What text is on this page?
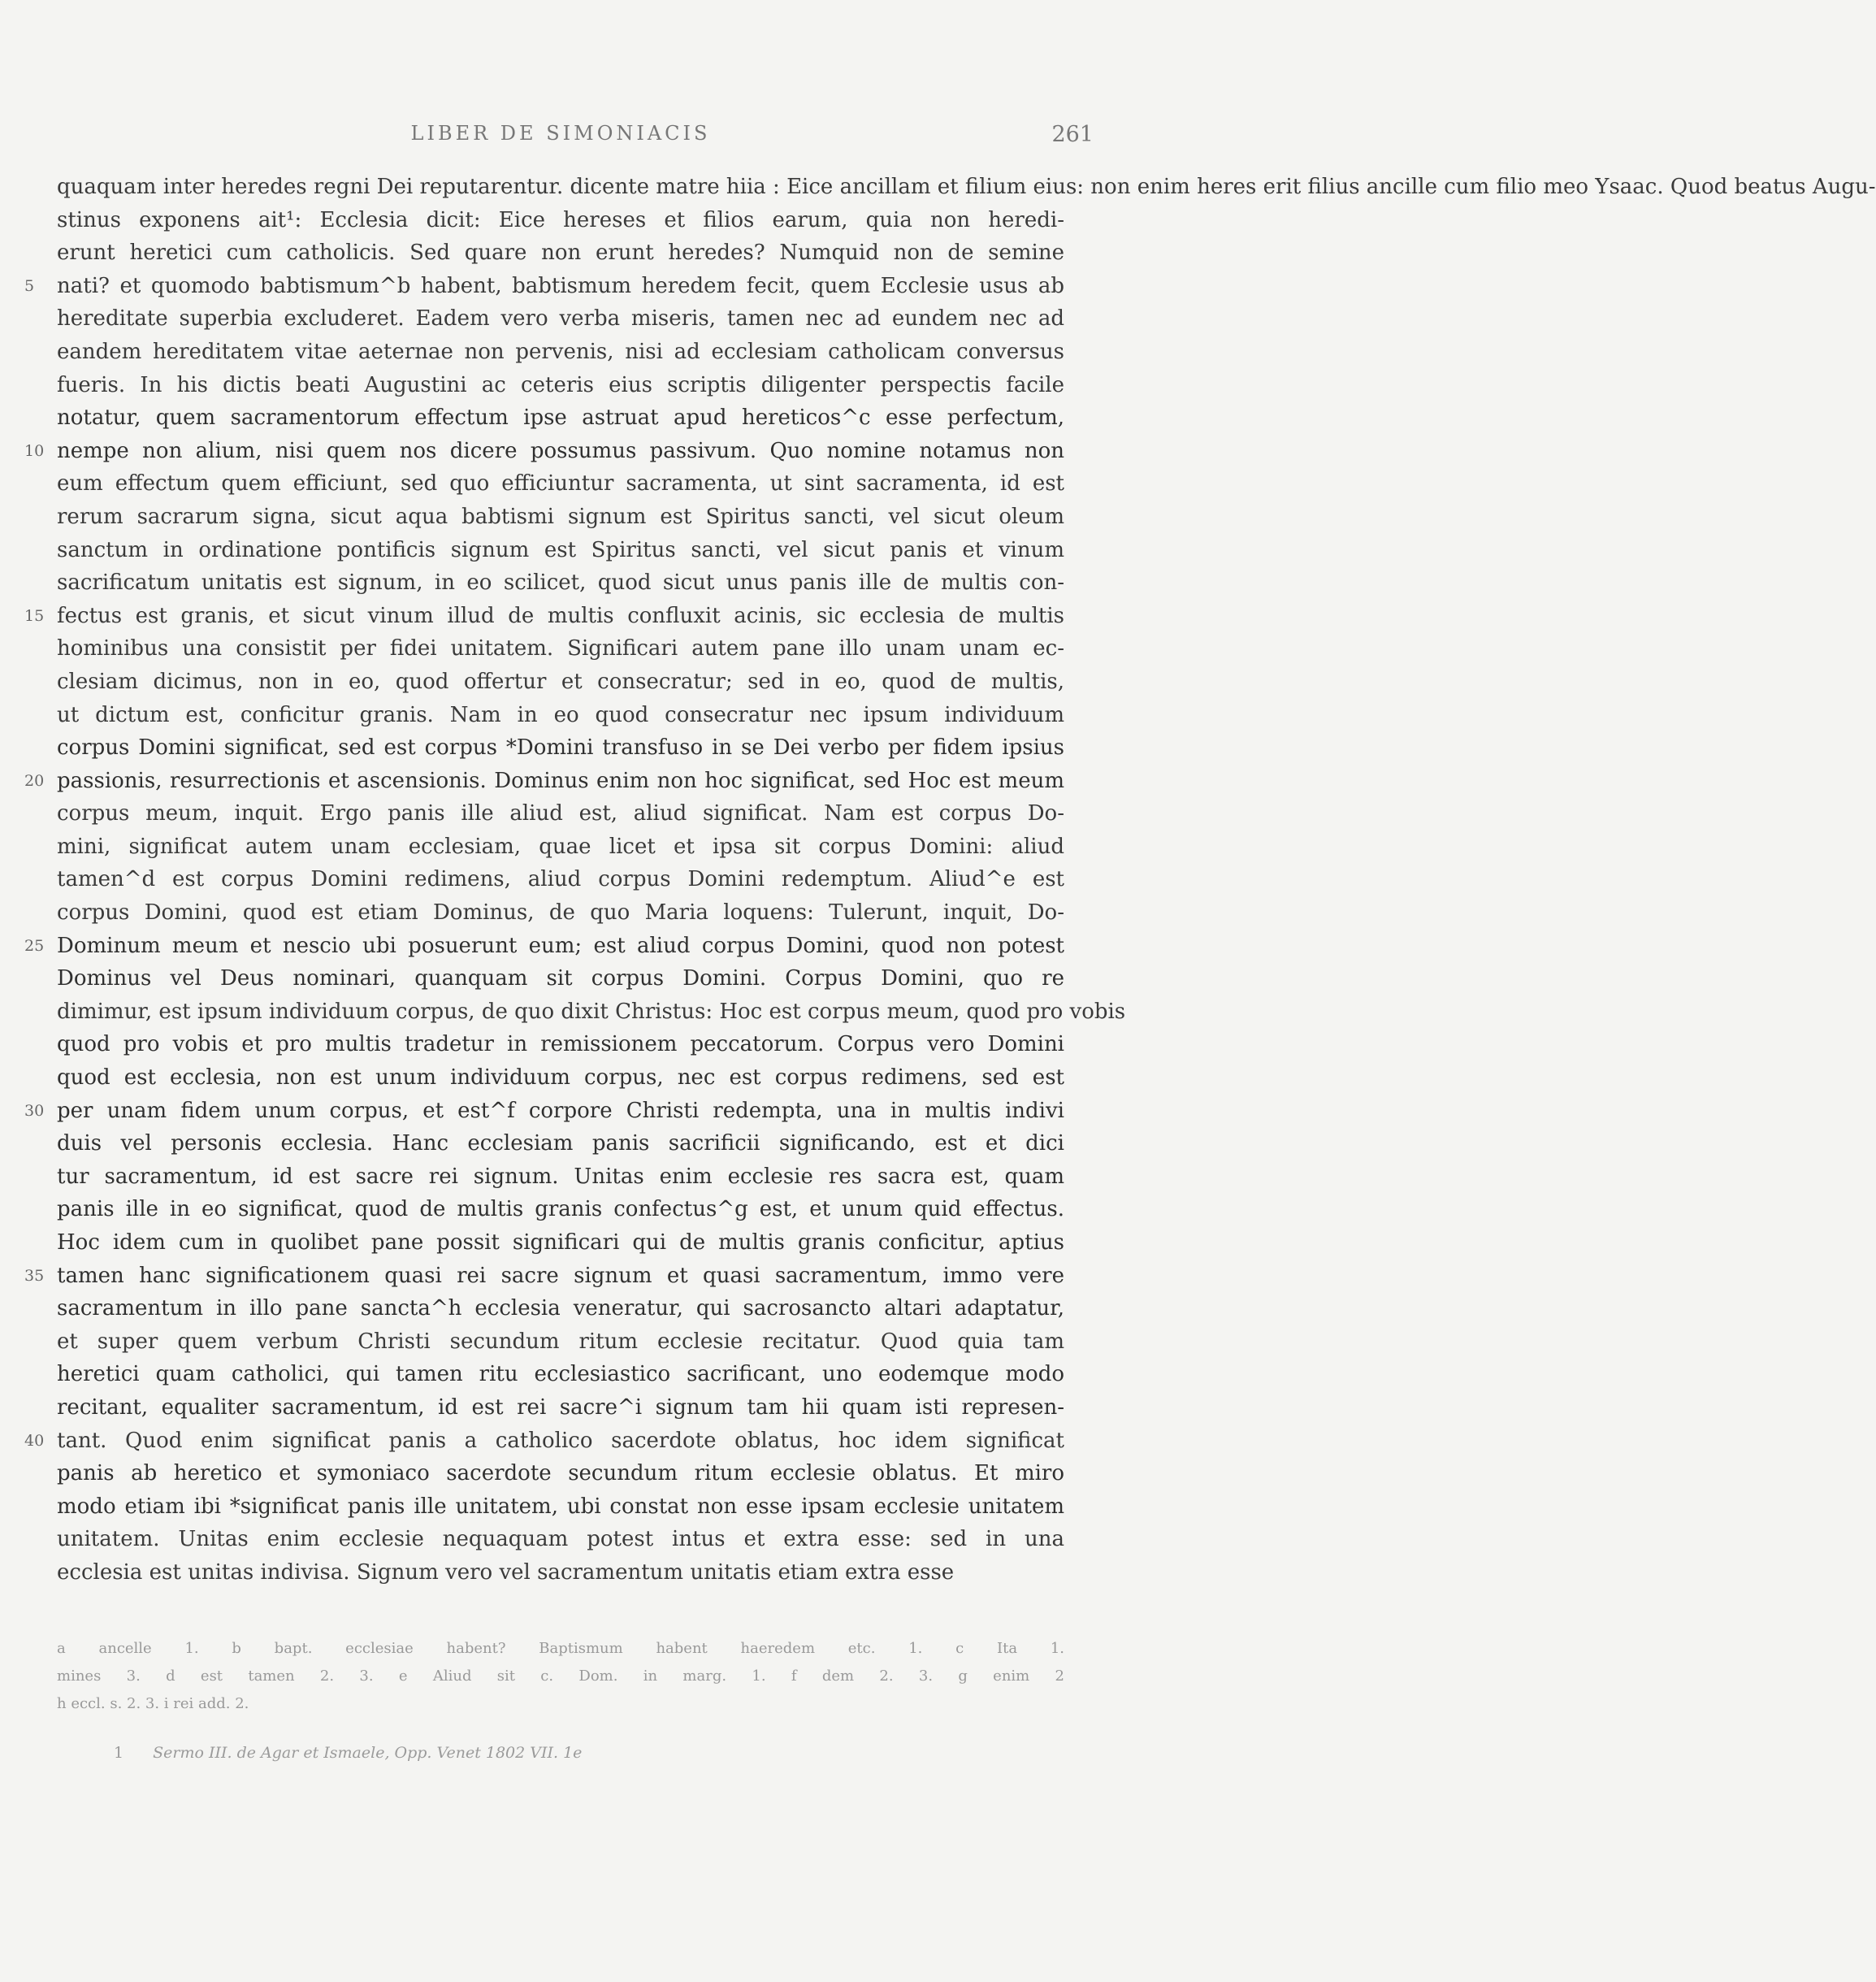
LIBER DE SIMONIACIS	261
quaquam inter heredes regni Dei reputarentur. dicente matre hiia : Eice ancillam et filium eius: non enim heres erit filius ancille cum filio meo Ysaac. Quod beatus Augu-
stinus exponens ait¹: Ecclesia dicit: Eice hereses et filios earum, quia non heredi-
erunt heretici cum catholicis. Sed quare non erunt heredes? Numquid non de semine
5	nati? et quomodo babtismum^b habent, babtismum heredem fecit, quem Ecclesie usus ab
hereditate superbia excluderet. Eadem vero verba miseris, tamen nec ad eundem nec ad
eandem hereditatem vitae aeternae non pervenis, nisi ad ecclesiam catholicam conversus
fueris. In his dictis beati Augustini ac ceteris eius scriptis diligenter perspectis facile
notatur, quem sacramentorum effectum ipse astruat apud hereticos^c esse perfectum,
10 nempe non alium, nisi quem nos dicere possumus passivum. Quo nomine notamus non
eum effectum quem efficiunt, sed quo efficiuntur sacramenta, ut sint sacramenta, id est
rerum sacrarum signa, sicut aqua babtismi signum est Spiritus sancti, vel sicut oleum
sanctum in ordinatione pontificis signum est Spiritus sancti, vel sicut panis et vinum
sacrificatum unitatis est signum, in eo scilicet, quod sicut unus panis ille de multis con-
15 fectus est granis, et sicut vinum illud de multis confluxit acinis, sic ecclesia de multis
hominibus una consistit per fidei unitatem. Significari autem pane illo unam unam ec-
clesiam dicimus, non in eo, quod offertur et consecratur; sed in eo, quod de multis,
ut dictum est, conficitur granis. Nam in eo quod consecratur nec ipsum individuum
corpus Domini significat, sed est corpus *Domini transfuso in se Dei verbo per fidem ipsius
20 passionis, resurrectionis et ascensionis. Dominus enim non hoc significat, sed Hoc est meum
corpus meum, inquit. Ergo panis ille aliud est, aliud significat. Nam est corpus Do-
mini, significat autem unam ecclesiam, quae licet et ipsa sit corpus Domini: aliud
tamen^d est corpus Domini redimens, aliud corpus Domini redemptum. Aliud^e est
corpus Domini, quod est etiam Dominus, de quo Maria loquens: Tulerunt, inquit, Do-
25 Dominum meum et nescio ubi posuerunt eum; est aliud corpus Domini, quod non potest
Dominus vel Deus nominari, quanquam sit corpus Domini. Corpus Domini, quo re
dimimur, est ipsum individuum corpus, de quo dixit Christus: Hoc est corpus meum, quod pro vobis
quod pro vobis et pro multis tradetur in remissionem peccatorum. Corpus vero Domini
quod est ecclesia, non est unum individuum corpus, nec est corpus redimens, sed est
30 per unam fidem unum corpus, et est^f corpore Christi redempta, una in multis indivi
duis vel personis ecclesia. Hanc ecclesiam panis sacrificii significando, est et dici
tur sacramentum, id est sacre rei signum. Unitas enim ecclesie res sacra est, quam
panis ille in eo significat, quod de multis granis confectus^g est, et unum quid effectus.
Hoc idem cum in quolibet pane possit significari qui de multis granis conficitur, aptius
35 tamen hanc significationem quasi rei sacre signum et quasi sacramentum, immo vere
sacramentum in illo pane sancta^h ecclesia veneratur, qui sacrosancto altari adaptatur,
et super quem verbum Christi secundum ritum ecclesie recitatur. Quod quia tam
heretici quam catholici, qui tamen ritu ecclesiastico sacrificant, uno eodemque modo
recitant, equaliter sacramentum, id est rei sacre^i signum tam hii quam isti represen-
40 tant. Quod enim significat panis a catholico sacerdote oblatus, hoc idem significat
panis ab heretico et symoniaco sacerdote secundum ritum ecclesie oblatus. Et miro
modo etiam ibi *significat panis ille unitatem, ubi constat non esse ipsam ecclesie unitatem
unitatem. Unitas enim ecclesie nequaquam potest intus et extra esse: sed in una
ecclesia est unitas indivisa. Signum vero vel sacramentum unitatis etiam extra esse
a ancelle 1. b bapt. ecclesiae habent? Baptismum habent haeredem etc. 1. c Ita 1.
mines 3. d est tamen 2. 3. e Aliud sit c. Dom. in marg. 1. f dem 2. 3. g enim 2
h eccl. s. 2. 3. i rei add. 2.
1 Sermo III. de Agar et Ismaele, Opp. Venet 1802 VII. 1e
